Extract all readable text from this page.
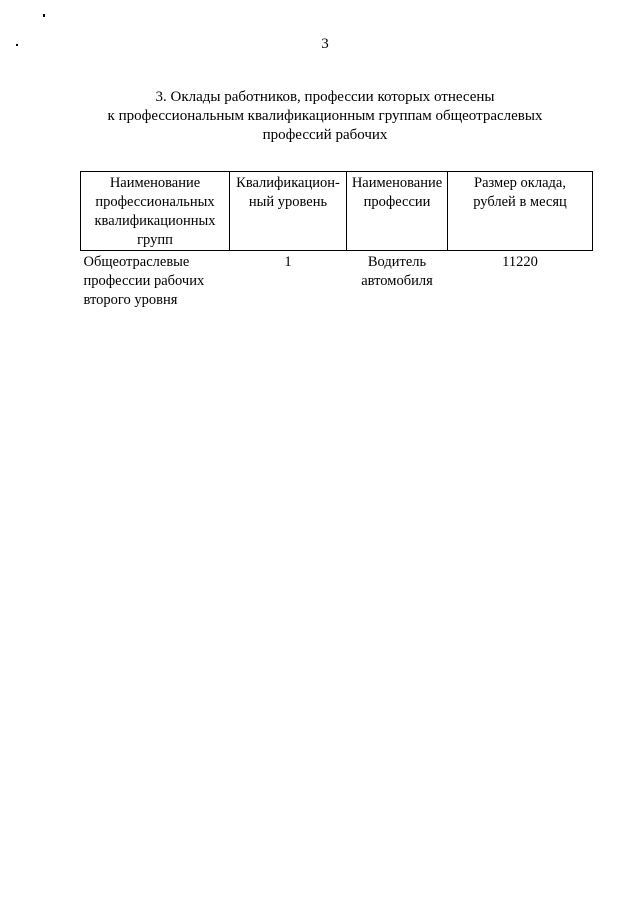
3
3. Оклады работников, профессии которых отнесены
к профессиональным квалификационным группам общеотраслевых
профессий рабочих
Наименование профессиональных квалификационных групп	Квалификацион-ный уровень	Наименование профессии	Размер оклада, рублей в месяц
Общеотраслевые профессии рабочих второго уровня	1	Водитель автомобиля	11220
